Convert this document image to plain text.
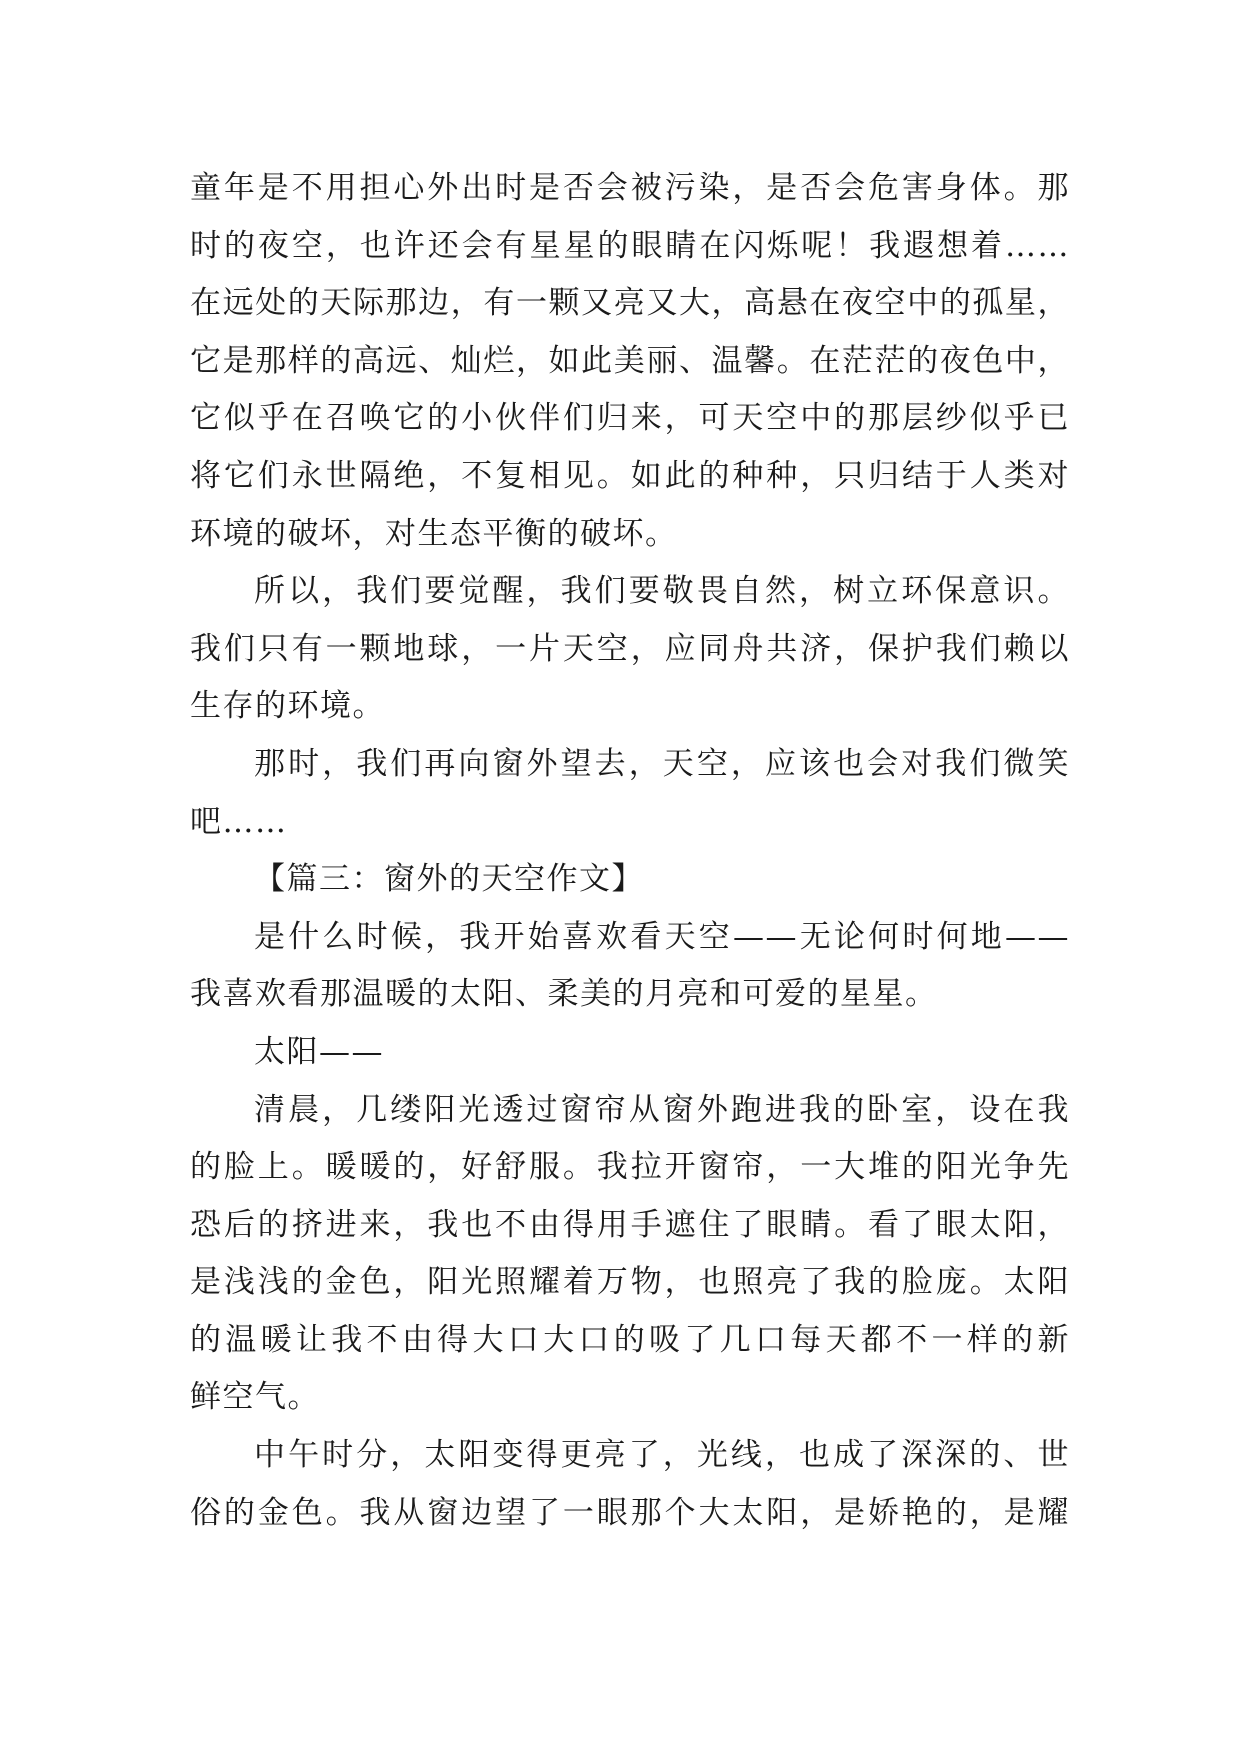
童年是不用担心外出时是否会被污染，是否会危害身体。那
时的夜空，也许还会有星星的眼睛在闪烁呢！我遐想着……
在远处的天际那边，有一颗又亮又大，高悬在夜空中的孤星，
它是那样的高远、灿烂，如此美丽、温馨。在茫茫的夜色中，
它似乎在召唤它的小伙伴们归来，可天空中的那层纱似乎已
将它们永世隔绝，不复相见。如此的种种，只归结于人类对
环境的破坏，对生态平衡的破坏。
所以，我们要觉醒，我们要敬畏自然，树立环保意识。
我们只有一颗地球，一片天空，应同舟共济，保护我们赖以
生存的环境。
那时，我们再向窗外望去，天空，应该也会对我们微笑
吧……
【篇三：窗外的天空作文】
是什么时候，我开始喜欢看天空——无论何时何地——
我喜欢看那温暖的太阳、柔美的月亮和可爱的星星。
太阳——
清晨，几缕阳光透过窗帘从窗外跑进我的卧室，设在我
的脸上。暖暖的，好舒服。我拉开窗帘，一大堆的阳光争先
恐后的挤进来，我也不由得用手遮住了眼睛。看了眼太阳，
是浅浅的金色，阳光照耀着万物，也照亮了我的脸庞。太阳
的温暖让我不由得大口大口的吸了几口每天都不一样的新
鲜空气。
中午时分，太阳变得更亮了，光线，也成了深深的、世
俗的金色。我从窗边望了一眼那个大太阳，是娇艳的，是耀
